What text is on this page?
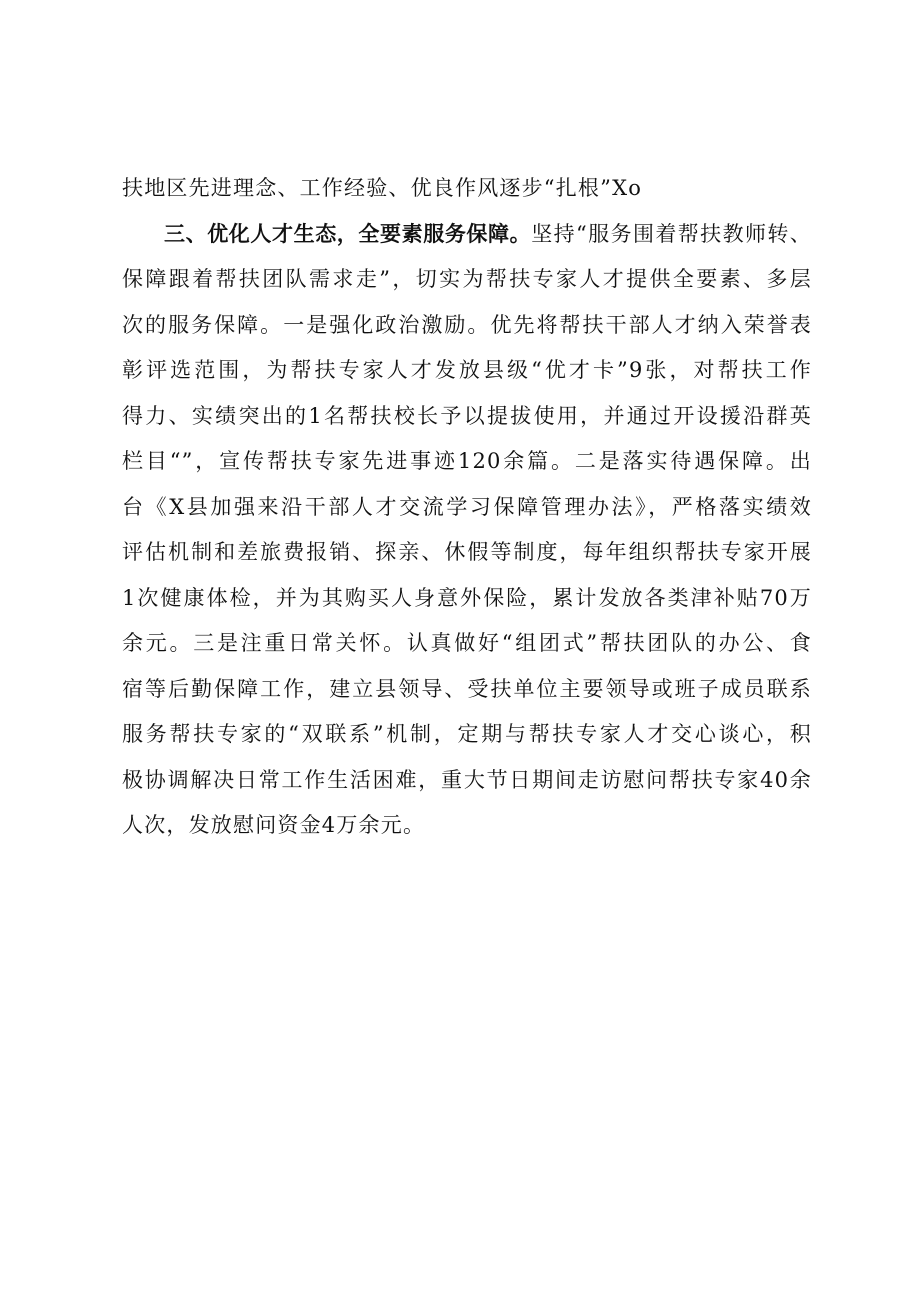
扶地区先进理念、工作经验、优良作风逐步“扎根”Xo
三、优化人才生态，全要素服务保障。坚持“服务围着帮扶教师转、
保障跟着帮扶团队需求走”，切实为帮扶专家人才提供全要素、多层
次的服务保障。一是强化政治激励。优先将帮扶干部人才纳入荣誉表
彰评选范围，为帮扶专家人才发放县级“优才卡”9张，对帮扶工作
得力、实绩突出的1名帮扶校长予以提拔使用，并通过开设援沿群英
栏目“”，宣传帮扶专家先进事迹120余篇。二是落实待遇保障。出
台《X县加强来沿干部人才交流学习保障管理办法》，严格落实绩效
评估机制和差旅费报销、探亲、休假等制度，每年组织帮扶专家开展
1次健康体检，并为其购买人身意外保险，累计发放各类津补贴70万
余元。三是注重日常关怀。认真做好“组团式”帮扶团队的办公、食
宿等后勤保障工作，建立县领导、受扶单位主要领导或班子成员联系
服务帮扶专家的“双联系”机制，定期与帮扶专家人才交心谈心，积
极协调解决日常工作生活困难，重大节日期间走访慰问帮扶专家40余
人次，发放慰问资金4万余元。
